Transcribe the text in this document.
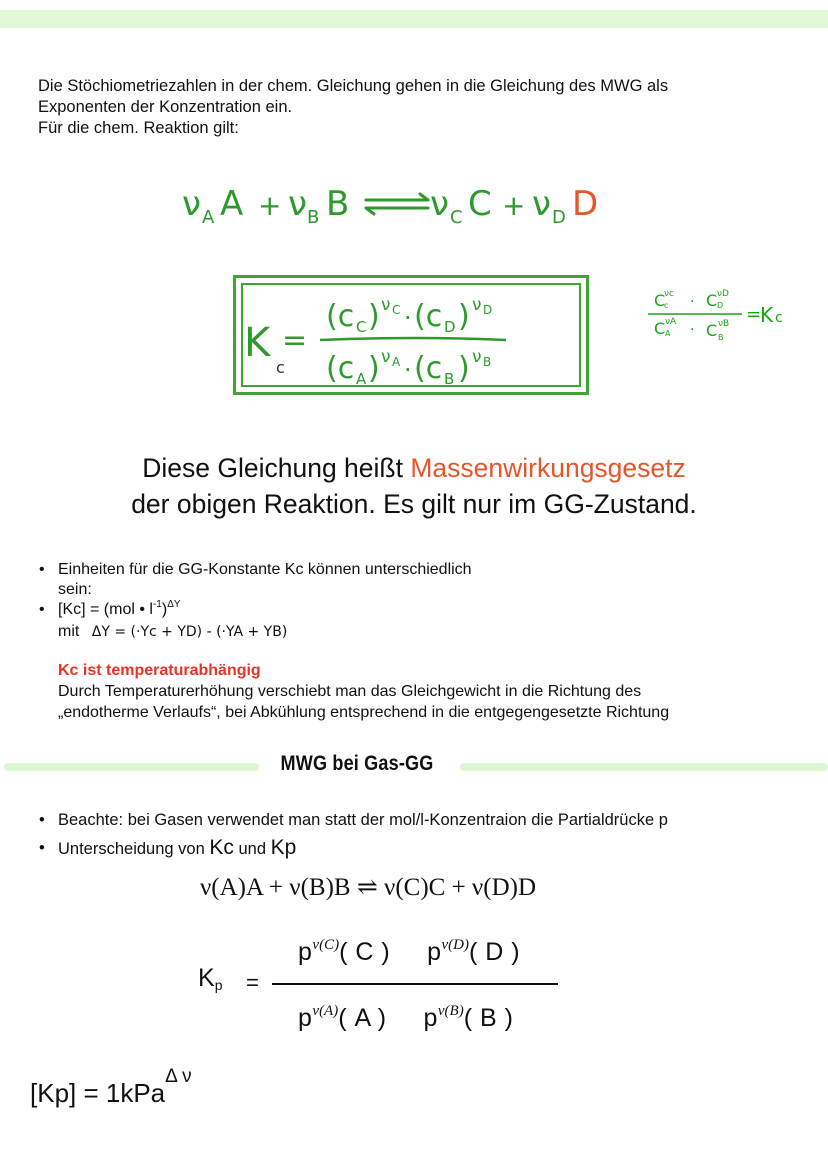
Die Stöchiometriezahlen in der chem. Gleichung gehen in die Gleichung des MWG als
Exponenten der Konzentration ein.
Für die chem. Reaktion gilt:
ν A A + ν B B ν C C + ν D D
K
c
=
(c C ) ν C · (c D ) ν D
(c A ) ν A · (c B ) ν B
C
νc
c · C νD
D
C νA
A · C νB
B
=
K c
Diese Gleichung heißt Massenwirkungsgesetz
der obigen Reaktion. Es gilt nur im GG-Zustand.
• Einheiten für die GG-Konstante Kc können unterschiedlich
sein:
• [Kc] = (mol • $l^{-1})^{\Delta Y}$
mit ΔY = (·Yc + YD) - (·YA + YB)
Kc ist temperaturabhängig
Durch Temperaturerhöhung verschiebt man das Gleichgewicht in die Richtung des
„endotherme Verlaufs“, bei Abkühlung entsprechend in die entgegengesetzte Richtung
MWG bei Gas-GG
• Beachte: bei Gasen verwendet man statt der mol/l-Konzentraion die Partialdrücke p
• Unterscheidung von Kc und Kp
ν(A)A + ν(B)B ⇌ ν(C)C + ν(D)D
Kp =
$p^{\nu(C)}$( C ) $p^{\nu(D)}$( D )
$p^{\nu(A)}$( A ) $p^{\nu(B)}$( B )
[Kp] = 1kPa$^{\Delta \nu}$
